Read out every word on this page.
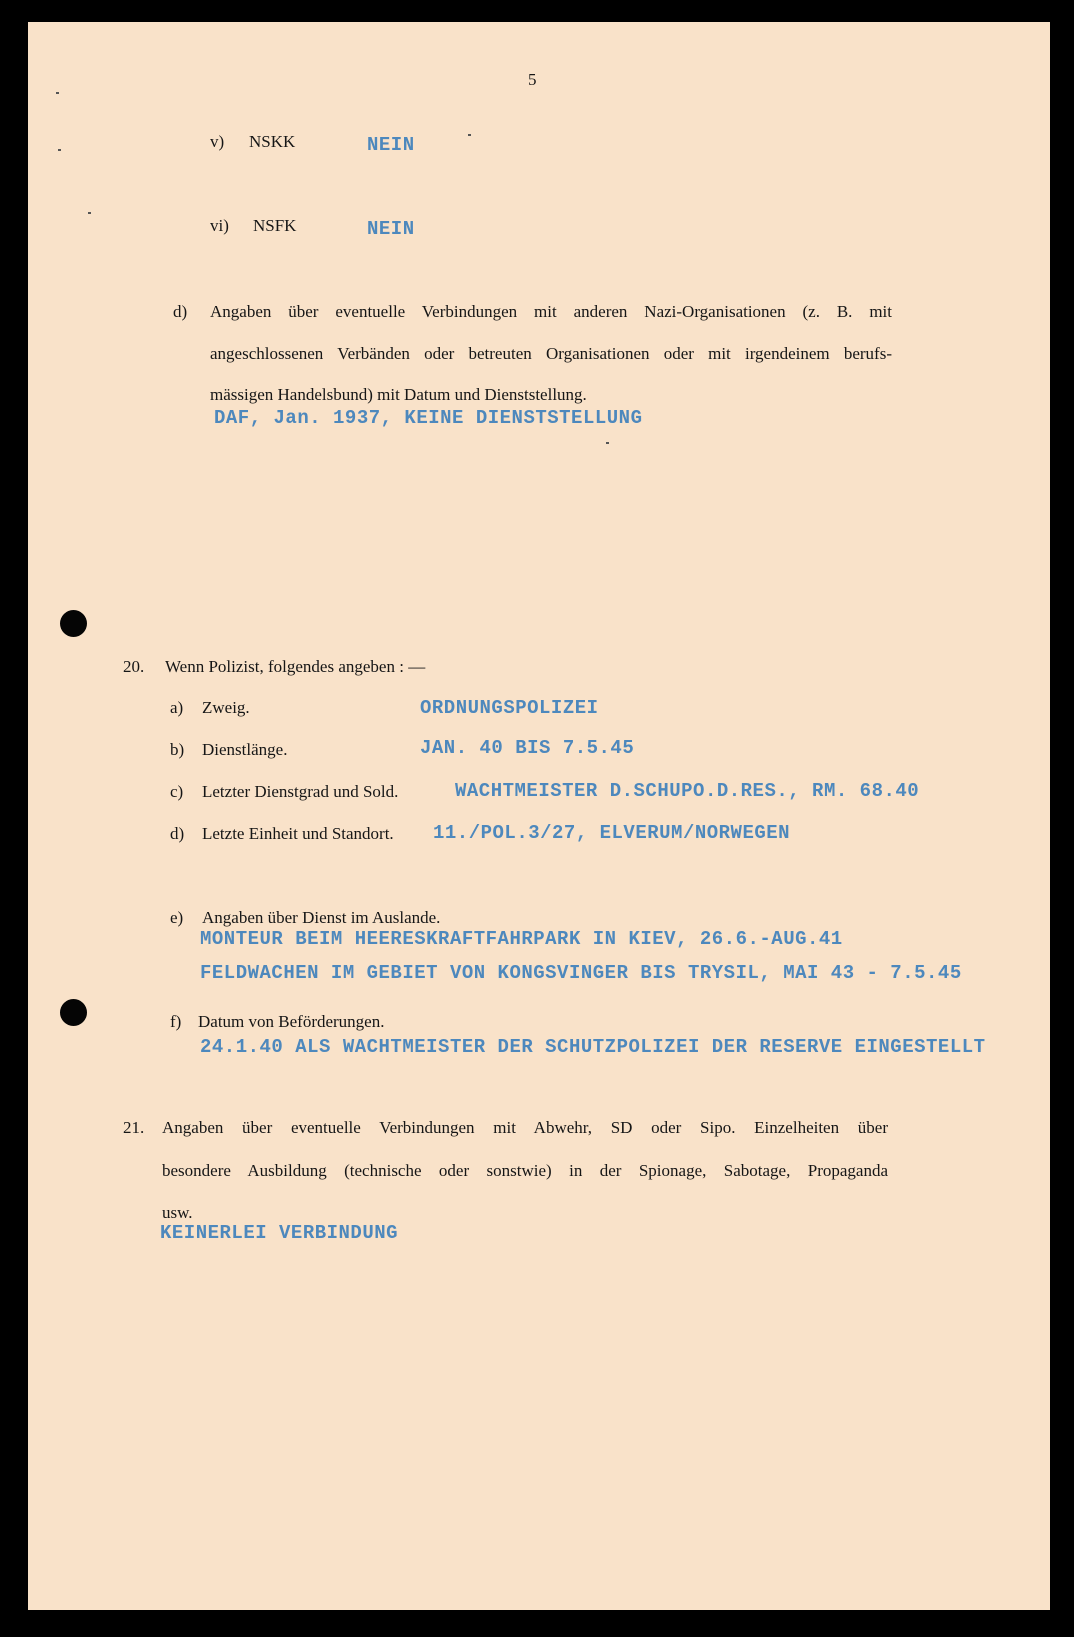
5
v) NSKK	NEIN
vi) NSFK	NEIN
d) Angaben über eventuelle Verbindungen mit anderen Nazi-Organisationen (z. B. mit
angeschlossenen Verbänden oder betreuten Organisationen oder mit irgendeinem berufs-
mässigen Handelsbund) mit Datum und Dienststellung.
DAF, Jan. 1937, KEINE DIENSTSTELLUNG
20. Wenn Polizist, folgendes angeben : —
a) Zweig.	ORDNUNGSPOLIZEI
b) Dienstlänge.	JAN. 40 BIS 7.5.45
c) Letzter Dienstgrad und Sold.	WACHTMEISTER D.SCHUPO.D.RES., RM. 68.40
d) Letzte Einheit und Standort. 11./POL.3/27, ELVERUM/NORWEGEN
e) Angaben über Dienst im Auslande.
MONTEUR BEIM HEERESKRAFTFAHRPARK IN KIEV, 26.6.-AUG.41
FELDWACHEN IM GEBIET VON KONGSVINGER BIS TRYSIL, MAI 43 - 7.5.45
f) Datum von Beförderungen.
24.1.40 ALS WACHTMEISTER DER SCHUTZPOLIZEI DER RESERVE EINGESTELLT
21. Angaben über eventuelle Verbindungen mit Abwehr, SD oder Sipo. Einzelheiten über
besondere Ausbildung (technische oder sonstwie) in der Spionage, Sabotage, Propaganda
usw.
KEINERLEI VERBINDUNG
